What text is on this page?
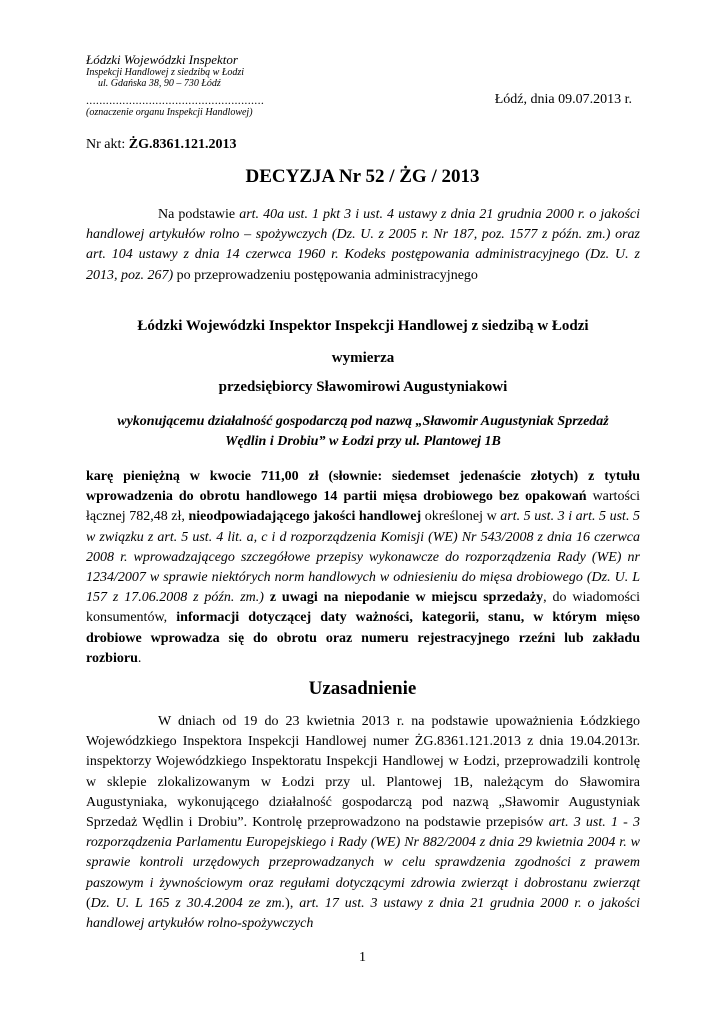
Łódzki Wojewódzki Inspektor
Inspekcji Handlowej z siedzibą w Łodzi
ul. Gdańska 38, 90 – 730 Łódź
......................................................
(oznaczenie organu Inspekcji Handlowej)
Łódź, dnia 09.07.2013 r.
Nr akt: ŻG.8361.121.2013
DECYZJA Nr 52 / ŻG / 2013
Na podstawie art. 40a ust. 1 pkt 3 i ust. 4 ustawy z dnia 21 grudnia 2000 r. o jakości handlowej artykułów rolno – spożywczych (Dz. U. z 2005 r. Nr 187, poz. 1577 z późn. zm.) oraz art. 104 ustawy z dnia 14 czerwca 1960 r. Kodeks postępowania administracyjnego (Dz. U. z 2013, poz. 267) po przeprowadzeniu postępowania administracyjnego
Łódzki Wojewódzki Inspektor Inspekcji Handlowej z siedzibą w Łodzi
wymierza
przedsiębiorcy Sławomirowi Augustyniakowi
wykonującemu działalność gospodarczą pod nazwą „Sławomir Augustyniak Sprzedaż
Wędlin i Drobiu” w Łodzi przy ul. Plantowej 1B
karę pieniężną w kwocie 711,00 zł (słownie: siedemset jedenaście złotych) z tytułu wprowadzenia do obrotu handlowego 14 partii mięsa drobiowego bez opakowań wartości łącznej 782,48 zł, nieodpowiadającego jakości handlowej określonej w art. 5 ust. 3 i art. 5 ust. 5 w związku z art. 5 ust. 4 lit. a, c i d rozporządzenia Komisji (WE) Nr 543/2008 z dnia 16 czerwca 2008 r. wprowadzającego szczegółowe przepisy wykonawcze do rozporządzenia Rady (WE) nr 1234/2007 w sprawie niektórych norm handlowych w odniesieniu do mięsa drobiowego (Dz. U. L 157 z 17.06.2008 z późn. zm.) z uwagi na niepodanie w miejscu sprzedaży, do wiadomości konsumentów, informacji dotyczącej daty ważności, kategorii, stanu, w którym mięso drobiowe wprowadza się do obrotu oraz numeru rejestracyjnego rzeźni lub zakładu rozbioru.
Uzasadnienie
W dniach od 19 do 23 kwietnia 2013 r. na podstawie upoważnienia Łódzkiego Wojewódzkiego Inspektora Inspekcji Handlowej numer ŻG.8361.121.2013 z dnia 19.04.2013r. inspektorzy Wojewódzkiego Inspektoratu Inspekcji Handlowej w Łodzi, przeprowadzili kontrolę w sklepie zlokalizowanym w Łodzi przy ul. Plantowej 1B, należącym do Sławomira Augustyniaka, wykonującego działalność gospodarczą pod nazwą „Sławomir Augustyniak Sprzedaż Wędlin i Drobiu”. Kontrolę przeprowadzono na podstawie przepisów art. 3 ust. 1 - 3 rozporządzenia Parlamentu Europejskiego i Rady (WE) Nr 882/2004 z dnia 29 kwietnia 2004 r. w sprawie kontroli urzędowych przeprowadzanych w celu sprawdzenia zgodności z prawem paszowym i żywnościowym oraz regułami dotyczącymi zdrowia zwierząt i dobrostanu zwierząt (Dz. U. L 165 z 30.4.2004 ze zm.), art. 17 ust. 3 ustawy z dnia 21 grudnia 2000 r. o jakości handlowej artykułów rolno-spożywczych
1
